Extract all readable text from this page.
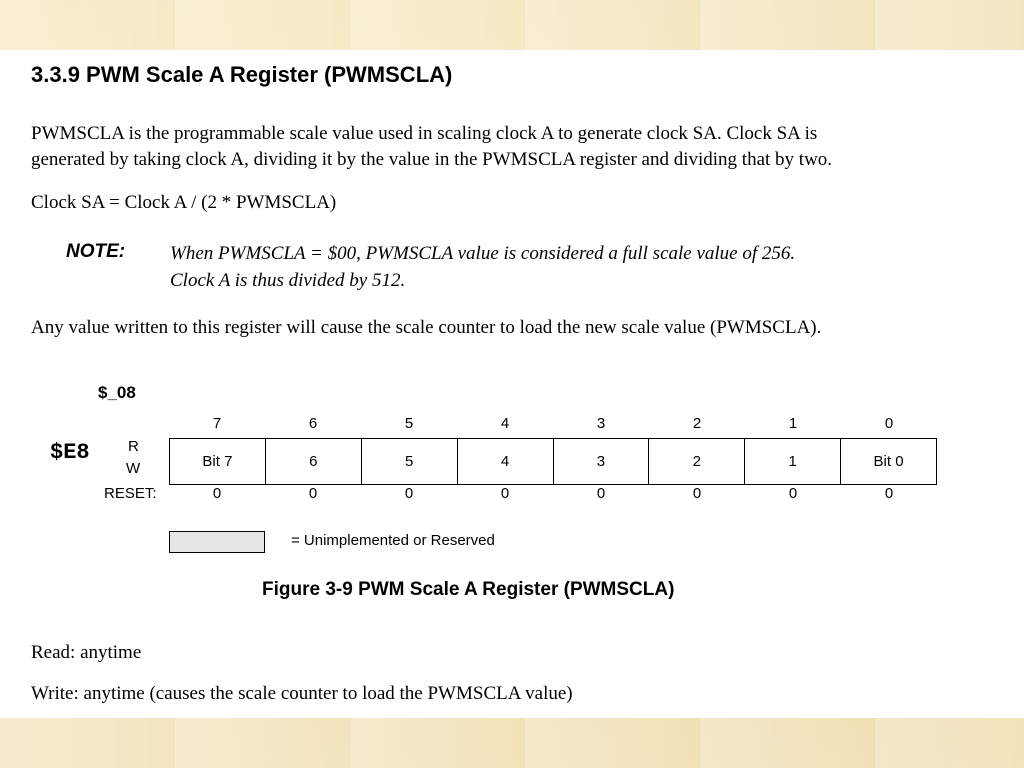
3.3.9 PWM Scale A Register (PWMSCLA)
PWMSCLA is the programmable scale value used in scaling clock A to generate clock SA. Clock SA is
generated by taking clock A, dividing it by the value in the PWMSCLA register and dividing that by two.
Clock SA = Clock A / (2 * PWMSCLA)
NOTE: When PWMSCLA = $00, PWMSCLA value is considered a full scale value of 256.
Clock A is thus divided by 512.
Any value written to this register will cause the scale counter to load the new scale value (PWMSCLA).
$_08
7	6	5	4	3	2	1	0
$E8	R
W	Bit 7	6	5	4	3	2	1	Bit 0
RESET:	0	0	0	0	0	0	0	0
= Unimplemented or Reserved
Figure 3-9 PWM Scale A Register (PWMSCLA)
Read: anytime
Write: anytime (causes the scale counter to load the PWMSCLA value)
